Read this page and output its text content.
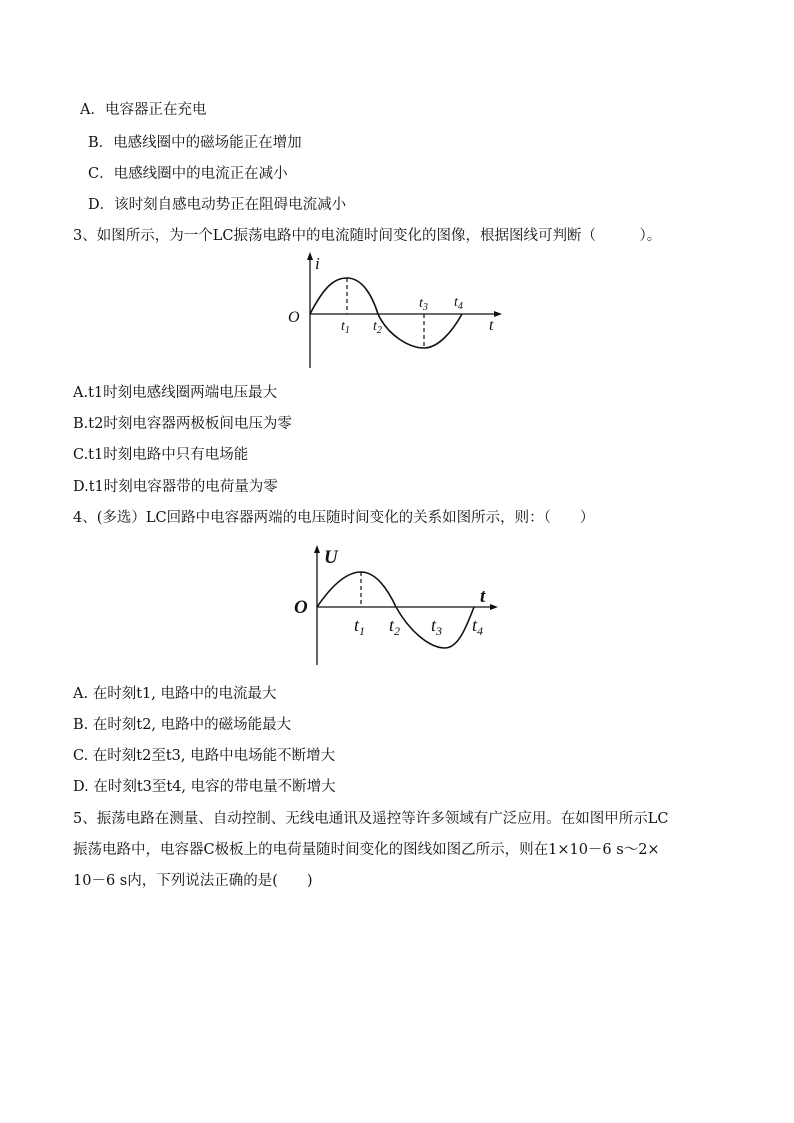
A．电容器正在充电
B．电感线圈中的磁场能正在增加
C．电感线圈中的电流正在减小
D．该时刻自感电动势正在阻碍电流减小
3、如图所示，为一个LC振荡电路中的电流随时间变化的图像，根据图线可判断（　　　）。
i
t
O
$t_1$ $t_2$
$t_3$ $t_4$
A.t1时刻电感线圈两端电压最大
B.t2时刻电容器两极板间电压为零
C.t1时刻电路中只有电场能
D.t1时刻电容器带的电荷量为零
4、(多选）LC回路中电容器两端的电压随时间变化的关系如图所示，则：（　　）
U
t
O
$t_1$ $t_2$ $t_3$ $t_4$
A. 在时刻t1, 电路中的电流最大
B. 在时刻t2, 电路中的磁场能最大
C. 在时刻t2至t3, 电路中电场能不断增大
D. 在时刻t3至t4, 电容的带电量不断增大
5、振荡电路在测量、自动控制、无线电通讯及遥控等许多领域有广泛应用。在如图甲所示LC
振荡电路中，电容器C极板上的电荷量随时间变化的图线如图乙所示，则在1×10－6 s～2×
10－6 s内，下列说法正确的是(　　)
